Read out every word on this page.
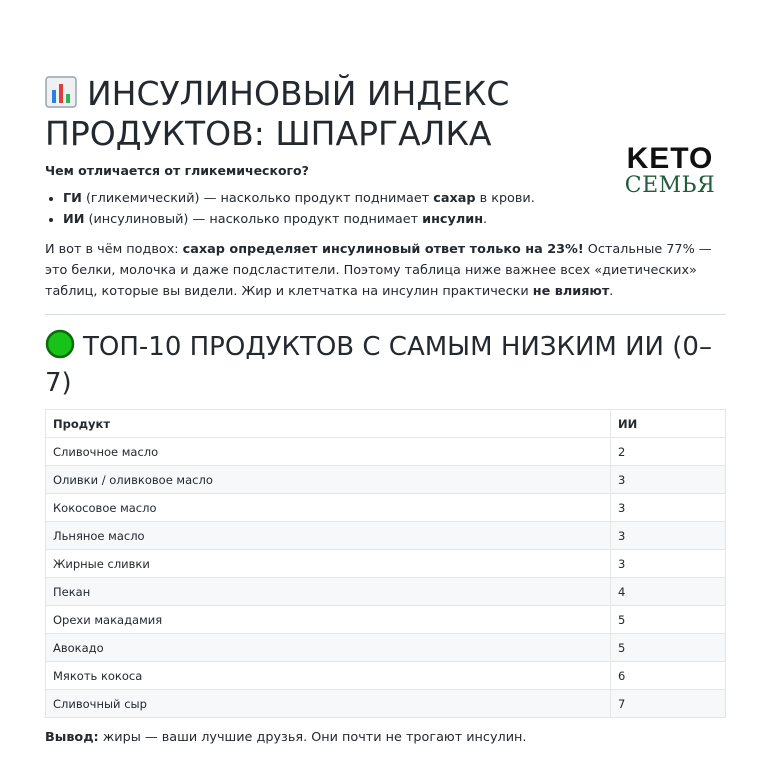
KETO
СЕМЬЯ
ИНСУЛИНОВЫЙ ИНДЕКС ПРОДУКТОВ: ШПАРГАЛКА
Чем отличается от гликемического?
• ГИ (гликемический) — насколько продукт поднимает сахар в крови.
• ИИ (инсулиновый) — насколько продукт поднимает инсулин.

И вот в чём подвох: сахар определяет инсулиновый ответ только на 23%! Остальные 77% — это белки, молочка и даже подсластители. Поэтому таблица ниже важнее всех «диетических» таблиц, которые вы видели. Жир и клетчатка на инсулин практически не влияют.

ТОП-10 ПРОДУКТОВ С САМЫМ НИЗКИМ ИИ (0–7)
Продукт	ИИ
Сливочное масло	2
Оливки / оливковое масло	3
Кокосовое масло	3
Льняное масло	3
Жирные сливки	3
Пекан	4
Орехи макадамия	5
Авокадо	5
Мякоть кокоса	6
Сливочный сыр	7
Вывод: жиры — ваши лучшие друзья. Они почти не трогают инсулин.
